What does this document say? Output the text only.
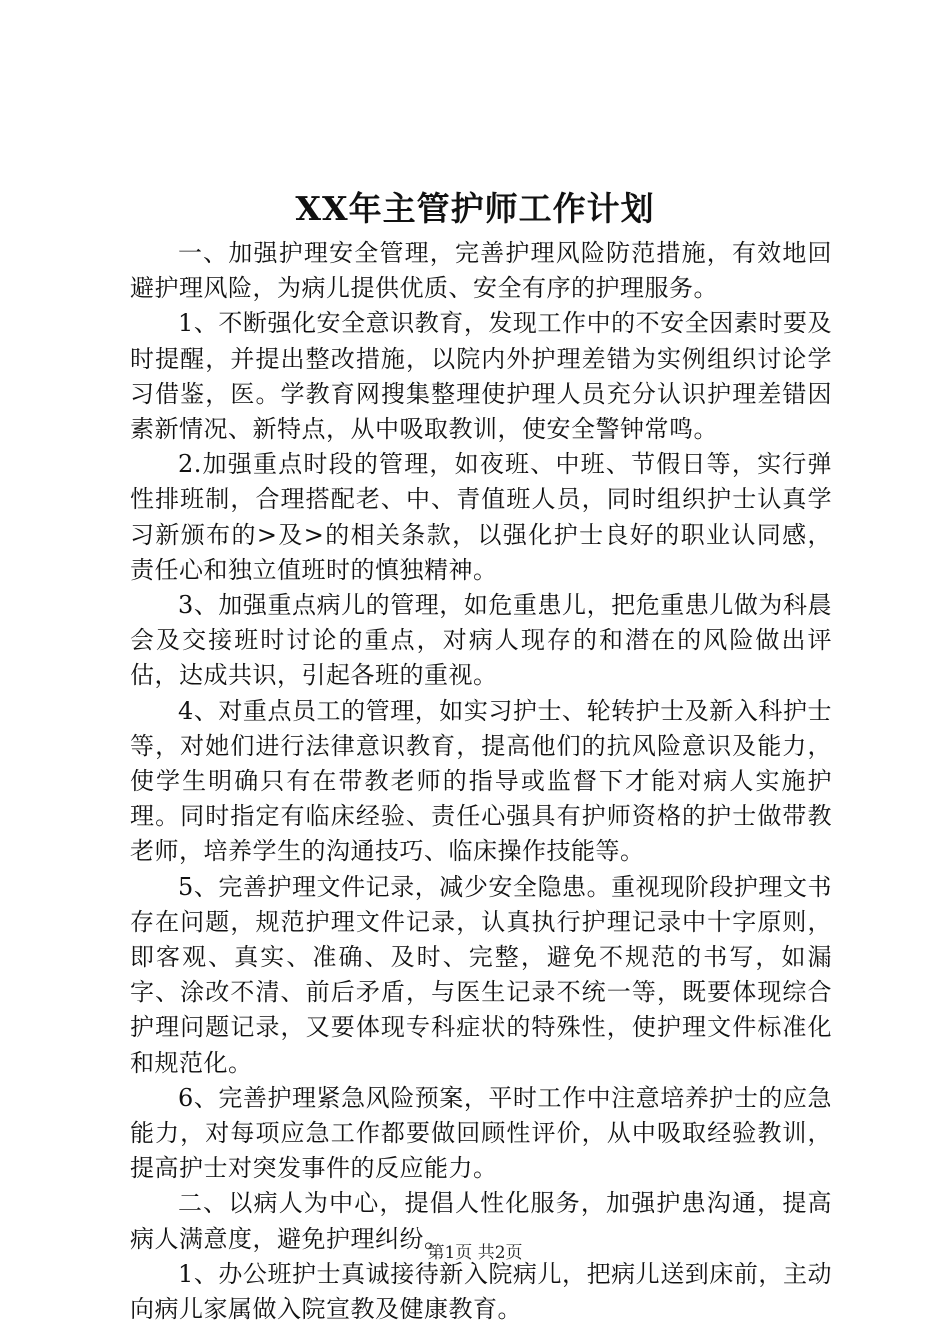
XX年主管护师工作计划

一、加强护理安全管理，完善护理风险防范措施，有效地回避护理风险，为病儿提供优质、安全有序的护理服务。

1、不断强化安全意识教育，发现工作中的不安全因素时要及时提醒，并提出整改措施，以院内外护理差错为实例组织讨论学习借鉴，医。学教育网搜集整理使护理人员充分认识护理差错因素新情况、新特点，从中吸取教训，使安全警钟常鸣。

2.加强重点时段的管理，如夜班、中班、节假日等，实行弹性排班制，合理搭配老、中、青值班人员，同时组织护士认真学习新颁布的>及>的相关条款，以强化护士良好的职业认同感，责任心和独立值班时的慎独精神。

3、加强重点病儿的管理，如危重患儿，把危重患儿做为科晨会及交接班时讨论的重点，对病人现存的和潜在的风险做出评估，达成共识，引起各班的重视。

4、对重点员工的管理，如实习护士、轮转护士及新入科护士等，对她们进行法律意识教育，提高他们的抗风险意识及能力，使学生明确只有在带教老师的指导或监督下才能对病人实施护理。同时指定有临床经验、责任心强具有护师资格的护士做带教老师，培养学生的沟通技巧、临床操作技能等。

5、完善护理文件记录，减少安全隐患。重视现阶段护理文书存在问题，规范护理文件记录，认真执行护理记录中十字原则，即客观、真实、准确、及时、完整，避免不规范的书写，如漏字、涂改不清、前后矛盾，与医生记录不统一等，既要体现综合护理问题记录，又要体现专科症状的特殊性，使护理文件标准化和规范化。

6、完善护理紧急风险预案，平时工作中注意培养护士的应急能力，对每项应急工作都要做回顾性评价，从中吸取经验教训，提高护士对突发事件的反应能力。

二、以病人为中心，提倡人性化服务，加强护患沟通，提高病人满意度，避免护理纠纷。

1、办公班护士真诚接待新入院病儿，把病儿送到床前，主动向病儿家属做入院宣教及健康教育。

第1页 共2页
